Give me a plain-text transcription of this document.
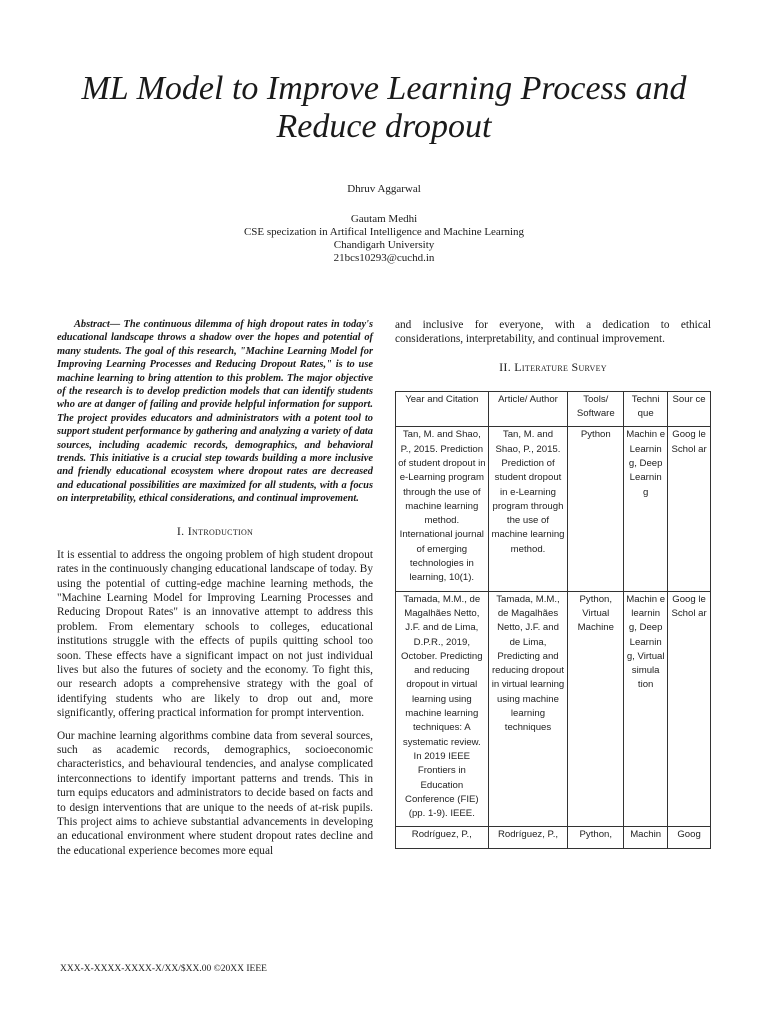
ML Model to Improve Learning Process and Reduce dropout
Dhruv Aggarwal
Gautam Medhi
CSE specization in Artifical Intelligence and Machine Learning
Chandigarh University
21bcs10293@cuchd.in

Abstract— The continuous dilemma of high dropout rates in today's educational landscape throws a shadow over the hopes and potential of many students. The goal of this research, "Machine Learning Model for Improving Learning Processes and Reducing Dropout Rates," is to use machine learning to bring attention to this problem. The major objective of the research is to develop prediction models that can identify students who are at danger of failing and provide helpful information for support. The project provides educators and administrators with a potent tool to support student performance by gathering and analyzing a variety of data sources, including academic records, demographics, and behavioral trends. This initiative is a crucial step towards building a more inclusive and friendly educational ecosystem where dropout rates are decreased and educational possibilities are maximized for all students, with a focus on interpretability, ethical considerations, and continual improvement.

I. Introduction

It is essential to address the ongoing problem of high student dropout rates in the continuously changing educational landscape of today. By using the potential of cutting-edge machine learning methods, the "Machine Learning Model for Improving Learning Processes and Reducing Dropout Rates" is an innovative attempt to address this problem. From elementary schools to colleges, educational institutions struggle with the effects of pupils quitting school too soon. These effects have a significant impact on not just individual lives but also the futures of society and the economy. To fight this, our research adopts a comprehensive strategy with the goal of identifying students who are likely to drop out and, more significantly, offering practical information for prompt intervention.

Our machine learning algorithms combine data from several sources, such as academic records, demographics, socioeconomic characteristics, and behavioural tendencies, and analyse complicated interconnections to identify important patterns and trends. This in turn equips educators and administrators to decide based on facts and to design interventions that are unique to the needs of at-risk pupils. This project aims to achieve substantial advancements in developing an educational environment where student dropout rates decline and the educational experience becomes more equal

and inclusive for everyone, with a dedication to ethical considerations, interpretability, and continual improvement.

II. Literature Survey
Year and Citation	Article/ Author	Tools/ Software	Techni que	Sour ce
Tan, M. and Shao, P., 2015. Prediction of student dropout in e-Learning program through the use of machine learning method. International journal of emerging technologies in learning, 10(1).	Tan, M. and Shao, P., 2015. Prediction of student dropout in e-Learning program through the use of machine learning method.	Python	Machin e Learnin g, Deep Learnin g	Goog le Schol ar
Tamada, M.M., de Magalhães Netto, J.F. and de Lima, D.P.R., 2019, October. Predicting and reducing dropout in virtual learning using machine learning techniques: A systematic review. In 2019 IEEE Frontiers in Education Conference (FIE) (pp. 1-9). IEEE.	Tamada, M.M., de Magalhães Netto, J.F. and de Lima, Predicting and reducing dropout in virtual learning using machine learning techniques	Python, Virtual Machine	Machin e learnin g, Deep Learnin g, Virtual simula tion	Goog le Schol ar
Rodríguez, P.,	Rodríguez, P.,	Python,	Machin	Goog
XXX-X-XXXX-XXXX-X/XX/$XX.00 ©20XX IEEE
